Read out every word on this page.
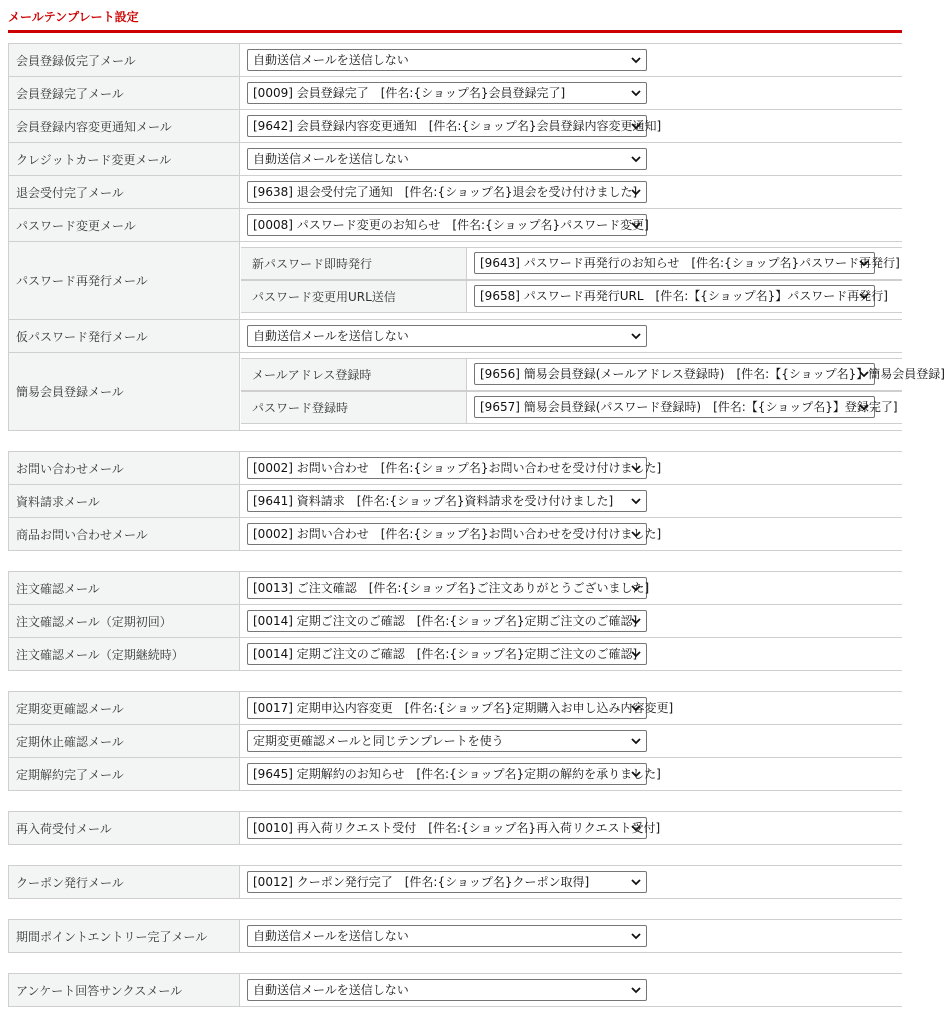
メールテンプレート設定
会員登録仮完了メール	自動送信メールを送信しない
会員登録完了メール	[0009] 会員登録完了　[件名:{ショップ名}会員登録完了]
会員登録内容変更通知メール	[9642] 会員登録内容変更通知　[件名:{ショップ名}会員登録内容変更通知]
クレジットカード変更メール	自動送信メールを送信しない
退会受付完了メール	[9638] 退会受付完了通知　[件名:{ショップ名}退会を受け付けました]
パスワード変更メール	[0008] パスワード変更のお知らせ　[件名:{ショップ名}パスワード変更]
パスワード再発行メール
新パスワード即時発行	[9643] パスワード再発行のお知らせ　[件名:{ショップ名}パスワード再発行]
パスワード変更用URL送信	[9658] パスワード再発行URL　[件名:【{ショップ名}】パスワード再発行]
仮パスワード発行メール	自動送信メールを送信しない
簡易会員登録メール
メールアドレス登録時	[9656] 簡易会員登録(メールアドレス登録時)　[件名:【{ショップ名}】簡易会員登録]
パスワード登録時	[9657] 簡易会員登録(パスワード登録時)　[件名:【{ショップ名}】登録完了]
お問い合わせメール	[0002] お問い合わせ　[件名:{ショップ名}お問い合わせを受け付けました]
資料請求メール	[9641] 資料請求　[件名:{ショップ名}資料請求を受け付けました]
商品お問い合わせメール	[0002] お問い合わせ　[件名:{ショップ名}お問い合わせを受け付けました]
注文確認メール	[0013] ご注文確認　[件名:{ショップ名}ご注文ありがとうございました]
注文確認メール（定期初回）	[0014] 定期ご注文のご確認　[件名:{ショップ名}定期ご注文のご確認]
注文確認メール（定期継続時）	[0014] 定期ご注文のご確認　[件名:{ショップ名}定期ご注文のご確認]
定期変更確認メール	[0017] 定期申込内容変更　[件名:{ショップ名}定期購入お申し込み内容変更]
定期休止確認メール	定期変更確認メールと同じテンプレートを使う
定期解約完了メール	[9645] 定期解約のお知らせ　[件名:{ショップ名}定期の解約を承りました]
再入荷受付メール	[0010] 再入荷リクエスト受付　[件名:{ショップ名}再入荷リクエスト受付]
クーポン発行メール	[0012] クーポン発行完了　[件名:{ショップ名}クーポン取得]
期間ポイントエントリー完了メール	自動送信メールを送信しない
アンケート回答サンクスメール	自動送信メールを送信しない
